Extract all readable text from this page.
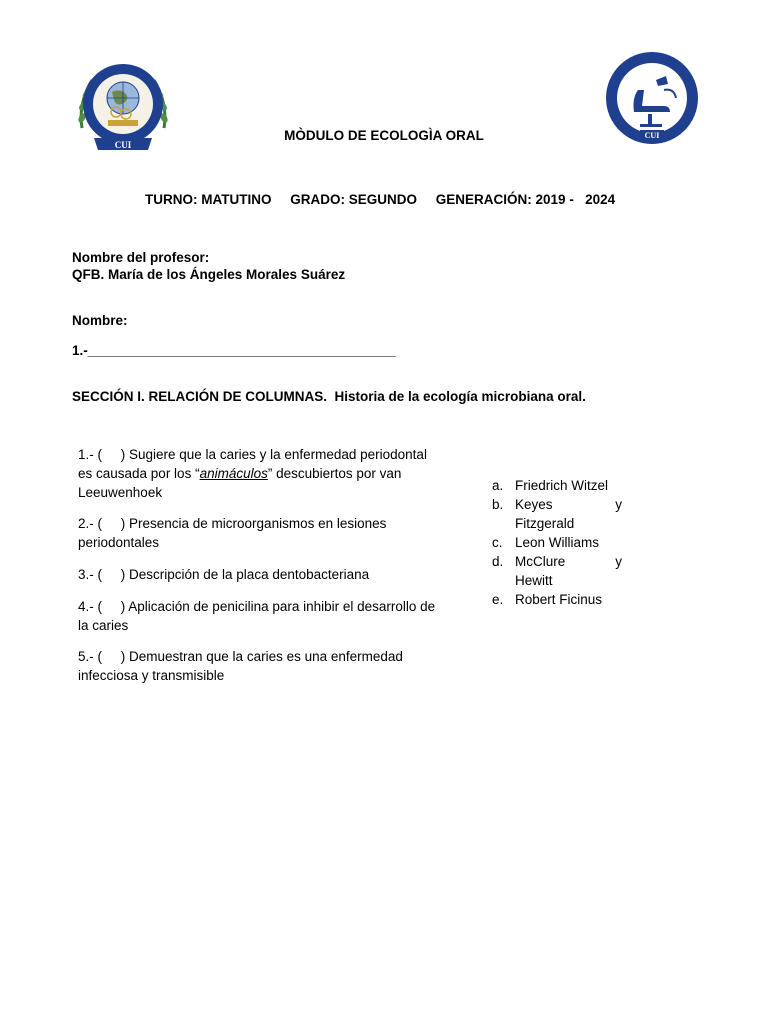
CUI
CUI
MÒDULO DE ECOLOGÌA ORAL
TURNO: MATUTINO GRADO: SEGUNDO GENERACIÓN: 2019 -   2024
Nombre del profesor:
QFB. María de los Ángeles Morales Suárez
Nombre:
1.-_________________________________________
SECCIÓN I. RELACIÓN DE COLUMNAS.  Historia de la ecología microbiana oral.
1.- (     ) Sugiere que la caries y la enfermedad periodontal es causada por los “animáculos” descubiertos por van Leeuwenhoek
2.- (     ) Presencia de microorganismos en lesiones periodontales
3.- (     ) Descripción de la placa dentobacteriana
4.- (     ) Aplicación de penicilina para inhibir el desarrollo de la caries
5.- (     ) Demuestran que la caries es una enfermedad infecciosa y transmisible
a. Friedrich Witzel
b. Keyes	y
Fitzgerald
c. Leon Williams
d. McClure	y
Hewitt
e. Robert Ficinus
